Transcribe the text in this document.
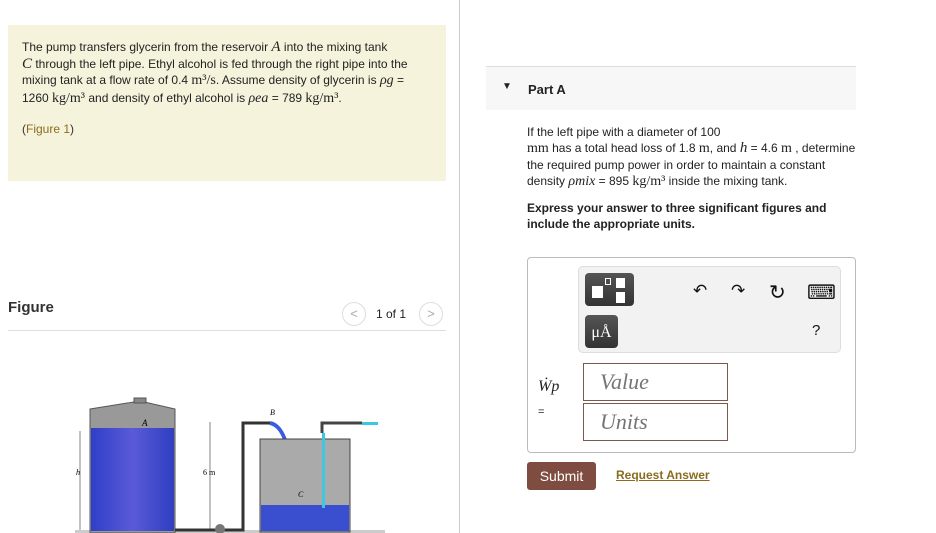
The pump transfers glycerin from the reservoir A into the mixing tank
C through the left pipe. Ethyl alcohol is fed through the right pipe into the mixing tank at a flow rate of 0.4 m³/s. Assume density of glycerin is ρg = 1260 kg/m³ and density of ethyl alcohol is ρea = 789 kg/m³.
(Figure 1)
Figure	<	1 of 1	>
A
h	6 m
B
C
▼ Part A
If the left pipe with a diameter of 100
mm has a total head loss of 1.8 m, and h = 4.6 m , determine the required pump power in order to maintain a constant density ρmix = 895 kg/m³ inside the mixing tank.
Express your answer to three significant figures and include the appropriate units.
μÅ
↶ ↷ ↻ ⌨
?
Ẇp
=
Value
Units
Submit	Request Answer
